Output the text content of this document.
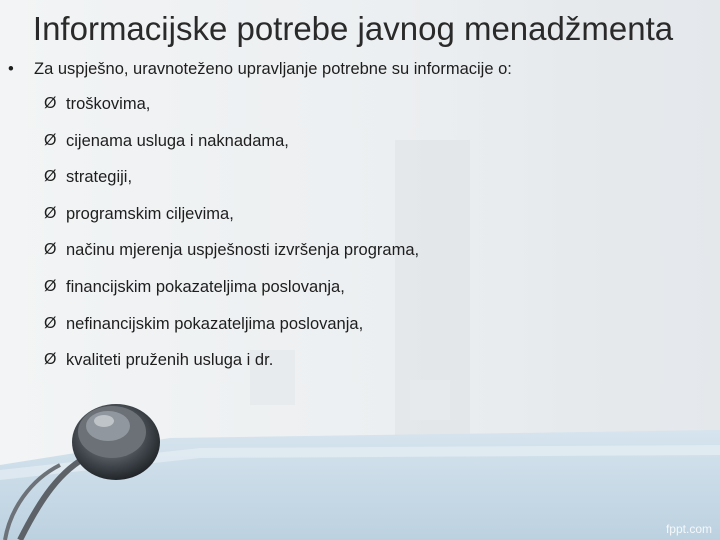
Informacijske potrebe javnog menadžmenta
• Za uspješno, uravnoteženo upravljanje potrebne su informacije o:
Ø troškovima,
Ø cijenama usluga i naknadama,
Ø strategiji,
Ø programskim ciljevima,
Ø načinu mjerenja uspješnosti izvršenja programa,
Ø financijskim pokazateljima poslovanja,
Ø nefinancijskim pokazateljima poslovanja,
Ø kvaliteti pruženih usluga i dr.
fppt.com
